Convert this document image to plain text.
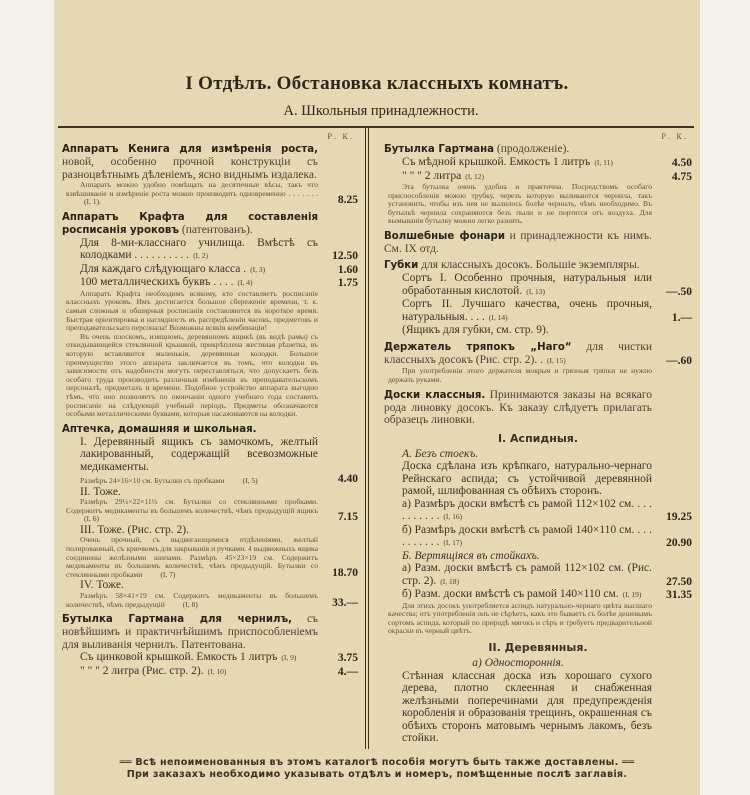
I Отдѣлъ. Обстановка классныхъ комнатъ.
А. Школьныя принадлежности.
Р. К.
Аппаратъ Кенига для измѣренія роста, новой, особенно прочной конструкціи съ разноцвѣтнымъ дѣленіемъ, ясно виднымъ издалека.
Аппаратъ можно удобно помѣщать на десятичные вѣсы, такъ что взвѣшиваніе и измѣреніе роста можно производить одновременно . . . . . . .(I, 1).	8.25
Аппаратъ Крафта для составленія росписанія уроковъ (патентованъ).
Для 8-ми-класснаго училища. Вмѣстѣ съ колодками . . . . . . . . . . (I, 2)	12.50
Для каждаго слѣдующаго класса . (I, 3)	1.60
100 металлическихъ буквъ . . . . (I, 4)	1.75
Аппаратъ Крафта необходимъ всякому, кто составляетъ росписаніе классныхъ уроковъ. Имъ достигается большое сбереженіе времени, т. к. самыя сложныя и обширныя росписанія составляются въ короткое время. Быстрая оріентировка и наглядность въ распредѣленіи часовъ, предметовъ и преподавательскаго персонала! Возможны всякія комбинаціи!
Въ очень плоскомъ, изящномъ, деревянномъ ящикѣ (въ видѣ рамы) съ откидывающейся стеклянной крышкой, прикрѣплена жестяная рѣшетка, въ которую вставляются маленькія, деревянныя колодки. Большое преимущество этого аппарата заключается въ томъ, что колодки въ зависимости отъ надобности могутъ переставляться, что допускаетъ безъ особаго труда производить различныя измѣненія въ преподавательскомъ персоналѣ, предметахъ и времени. Подобное устройство аппарата выгодно тѣмъ, что оно позволяетъ по окончаніи одного учебнаго года составить росписаніе на слѣдующій учебный періодъ. Предметы обозначаются особыми металлическими буквами, которыя насаживаются на колодки.
Аптечка, домашняя и школьная.
I. Деревянный ящикъ съ замочкомъ, желтый лакированный, содержащій всевозможные медикаменты.
Размѣръ 24×16×10 см. Бутылки съ пробками (I, 5)	4.40
II. Тоже.
Размѣръ 29½×22×11½ см. Бутылки со стеклянными пробками. Содержитъ медикаменты въ большемъ количествѣ, чѣмъ предыдущій ящикъ(I, 6)	7.15
III. Тоже. (Рис. стр. 2).
Очень прочный, съ выдвигающимися отдѣленіями, желтый полированный, съ крючкомъ для закрыванія и ручками. 4 выдвижныхъ ящика соединены желѣзными шипами. Размѣръ 45×23×19 см. Содержитъ медикаменты въ большемъ количествѣ, чѣмъ предыдущій. Бутылки со стеклянными пробками (I, 7)	18.70
IV. Тоже.
Размѣръ 58×41×19 см. Содержитъ медикаменты въ большемъ количествѣ, чѣмъ предыдущій (I, 8)	33.—
Бутылка Гартмана для чернилъ, съ новѣйшимъ и практичнѣйшимъ приспособленіемъ для выливанія чернилъ. Патентована.
Съ цинковой крышкой. Емкость 1 литръ (I, 9)	3.75
" " " 2 литра (Рис. стр. 2). (I, 10)	4.—
Р. К.
Бутылка Гартмана (продолженіе).
Съ мѣдной крышкой. Емкость 1 литръ (I, 11)	4.50
" " " 2 литра (I, 12)	4.75
Эта бутылка очень удобна и практична. Посредствомъ особаго приспособленія можно трубку, черезъ которую выливаются чернила, такъ установить, чтобы изъ нея не вылилось болѣе чернилъ, чѣмъ необходимо. Въ бутылкѣ чернила сохраняются безъ пыли и не портятся отъ воздуха. Для вымыванія бутылку можно легко разнять.
Волшебные фонари и принадлежности къ нимъ. См. IX отд.
Губки для классныхъ досокъ. Большіе экземпляры.
Сортъ I. Особенно прочныя, натуральныя или обработанныя кислотой. (I, 13)	—.50
Сортъ II. Лучшаго качества, очень прочныя, натуральныя. . . . (I, 14)	1.—
(Ящикъ для губки, см. стр. 9).
Держатель тряпокъ „Наго“ для чистки классныхъ досокъ (Рис. стр. 2). . (I, 15)	—.60
При употребленіи этого держателя мокрыя и грязныя тряпки не нужно держать руками.
Доски классныя. Принимаются заказы на всякаго рода линовку досокъ. Къ заказу слѣдуетъ прилагать образецъ линовки.
I. Аспидныя.
А. Безъ стоекъ.
Доска сдѣлана изъ крѣпкаго, натурально-чернаго Рейнскаго аспида; съ устойчивой деревянной рамой, шлифованная съ обѣихъ сторонъ.
а) Размѣръ доски вмѣстѣ съ рамой 112×102 см. . . . . . . . . . . (I, 16)	19.25
б) Размѣръ доски вмѣстѣ съ рамой 140×110 см. . . . . . . . . . . (I, 17)	20.90
Б. Вертящіяся въ стойкахъ.
а) Разм. доски вмѣстѣ съ рамой 112×102 см. (Рис. стр. 2). (I, 18)	27.50
б) Разм. доски вмѣстѣ съ рамой 140×110 см. (I, 19)	31.35
Для этихъ досокъ употребляется аспидъ натурально-чернаго цвѣта высшаго качества; отъ употребленія онъ не сѣрѣетъ, какъ это бываетъ съ болѣе дешевымъ сортомъ аспида, который по природѣ мягокъ и сѣръ и требуетъ предварительной окраски въ черный цвѣтъ.
II. Деревянныя.
а) Одностороннія.
Стѣнная классная доска изъ хорошаго сухого дерева, плотно склеенная и снабженная желѣзными поперечинами для предупрежденія коробленія и образованія трещинъ, окрашенная съ обѣихъ сторонъ матовымъ чернымъ лакомъ, безъ стойки.
══ Всѣ непоименованныя въ этомъ каталогѣ пособія могутъ быть также доставлены. ══
При заказахъ необходимо указывать отдѣлъ и номеръ, помѣщенные послѣ заглавія.
